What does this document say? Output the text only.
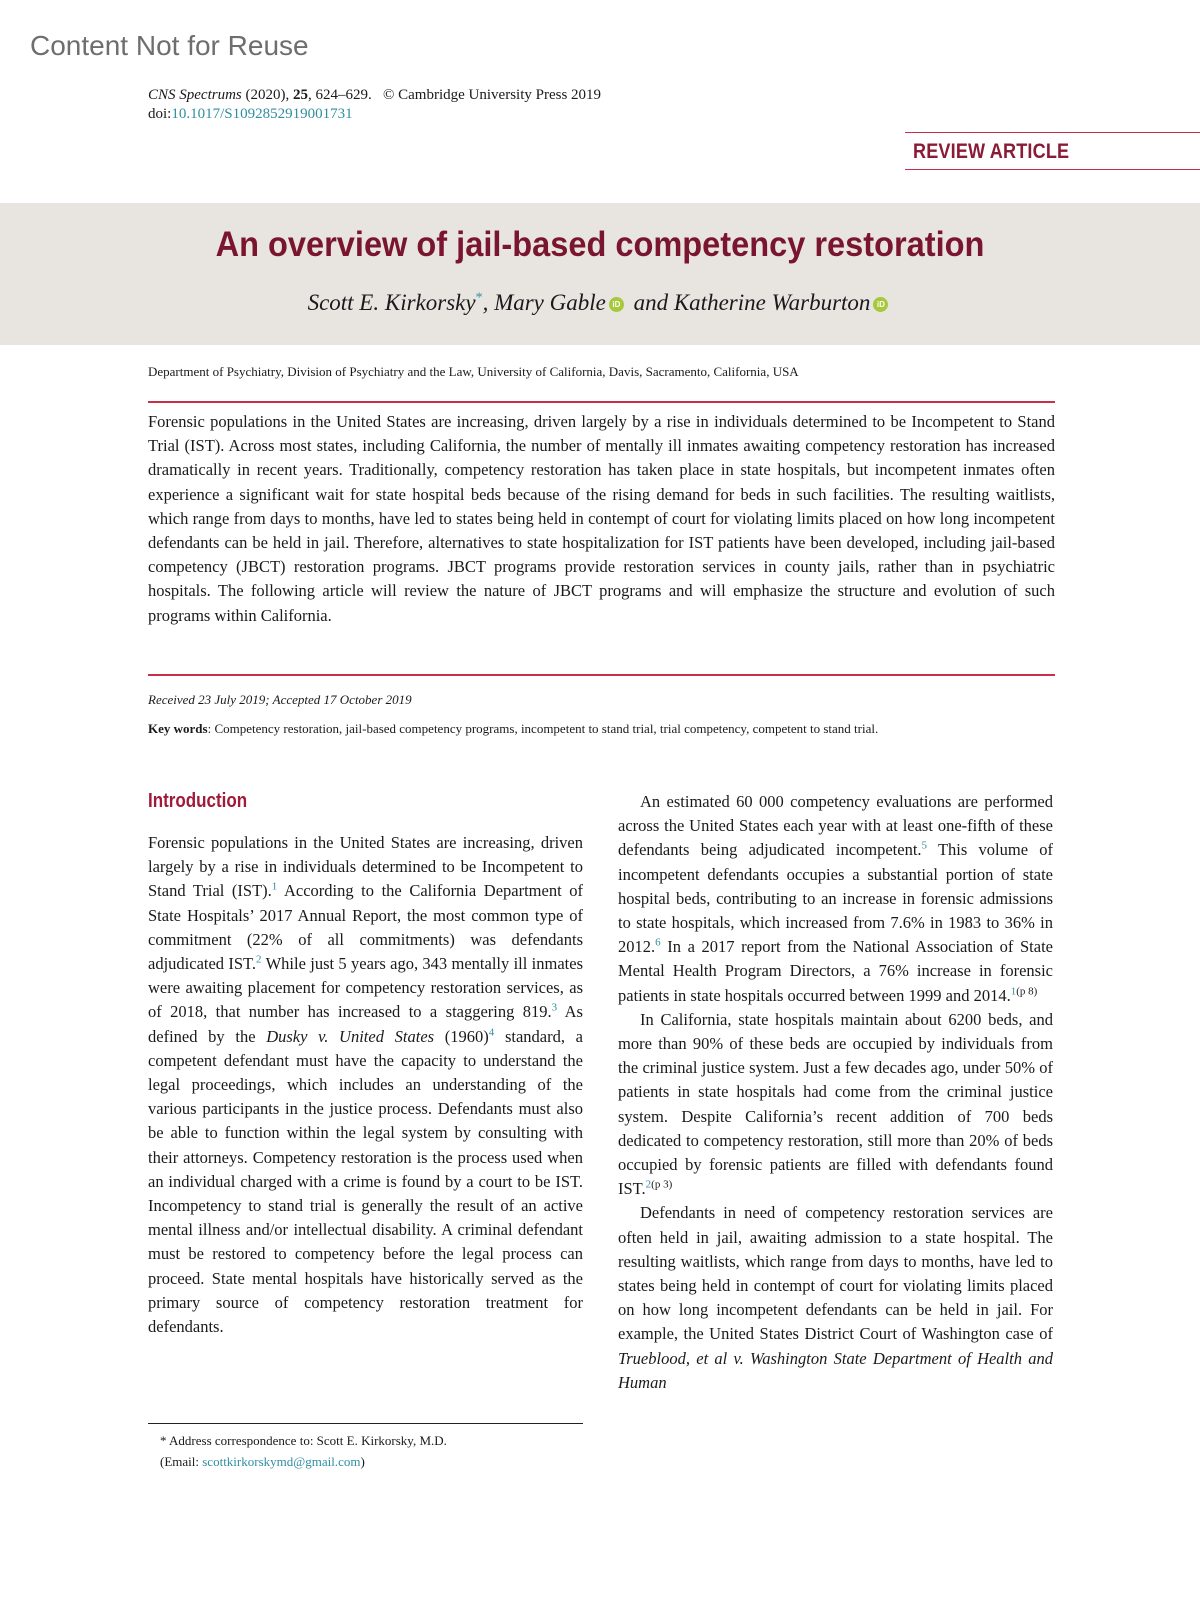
Content Not for Reuse
CNS Spectrums (2020), 25, 624–629. © Cambridge University Press 2019
doi:10.1017/S1092852919001731
REVIEW ARTICLE
An overview of jail-based competency restoration
Scott E. Kirkorsky*, Mary Gable iD and Katherine Warburton iD
Department of Psychiatry, Division of Psychiatry and the Law, University of California, Davis, Sacramento, California, USA

Forensic populations in the United States are increasing, driven largely by a rise in individuals determined to be Incompetent to Stand Trial (IST). Across most states, including California, the number of mentally ill inmates awaiting competency restoration has increased dramatically in recent years. Traditionally, competency restoration has taken place in state hospitals, but incompetent inmates often experience a significant wait for state hospital beds because of the rising demand for beds in such facilities. The resulting waitlists, which range from days to months, have led to states being held in contempt of court for violating limits placed on how long incompetent defendants can be held in jail. Therefore, alternatives to state hospitalization for IST patients have been developed, including jail-based competency (JBCT) restoration programs. JBCT programs provide restoration services in county jails, rather than in psychiatric hospitals. The following article will review the nature of JBCT programs and will emphasize the structure and evolution of such programs within California.

Received 23 July 2019; Accepted 17 October 2019
Key words: Competency restoration, jail-based competency programs, incompetent to stand trial, trial competency, competent to stand trial.
Introduction

Forensic populations in the United States are increasing, driven largely by a rise in individuals determined to be Incompetent to Stand Trial (IST).$^1$ According to the California Department of State Hospitals’ 2017 Annual Report, the most common type of commitment (22% of all commitments) was defendants adjudicated IST.$^2$ While just 5 years ago, 343 mentally ill inmates were awaiting placement for competency restoration services, as of 2018, that number has increased to a staggering 819.$^3$ As defined by the Dusky v. United States (1960)$^4$ standard, a competent defendant must have the capacity to understand the legal proceedings, which includes an understanding of the various participants in the justice process. Defendants must also be able to function within the legal system by consulting with their attorneys. Competency restoration is the process used when an individual charged with a crime is found by a court to be IST. Incompetency to stand trial is generally the result of an active mental illness and/or intellectual disability. A criminal defendant must be restored to competency before the legal process can proceed. State mental hospitals have historically served as the primary source of competency restoration treatment for defendants.

An estimated 60 000 competency evaluations are performed across the United States each year with at least one-fifth of these defendants being adjudicated incompetent.$^5$ This volume of incompetent defendants occupies a substantial portion of state hospital beds, contributing to an increase in forensic admissions to state hospitals, which increased from 7.6% in 1983 to 36% in 2012.$^6$ In a 2017 report from the National Association of State Mental Health Program Directors, a 76% increase in forensic patients in state hospitals occurred between 1999 and 2014.$^{1(p 8)}$

In California, state hospitals maintain about 6200 beds, and more than 90% of these beds are occupied by individuals from the criminal justice system. Just a few decades ago, under 50% of patients in state hospitals had come from the criminal justice system. Despite California’s recent addition of 700 beds dedicated to competency restoration, still more than 20% of beds occupied by forensic patients are filled with defendants found IST.$^{2(p 3)}$

Defendants in need of competency restoration services are often held in jail, awaiting admission to a state hospital. The resulting waitlists, which range from days to months, have led to states being held in contempt of court for violating limits placed on how long incompetent defendants can be held in jail. For example, the United States District Court of Washington case of Trueblood, et al v. Washington State Department of Health and Human

* Address correspondence to: Scott E. Kirkorsky, M.D.
(Email: scottkirkorskymd@gmail.com)
